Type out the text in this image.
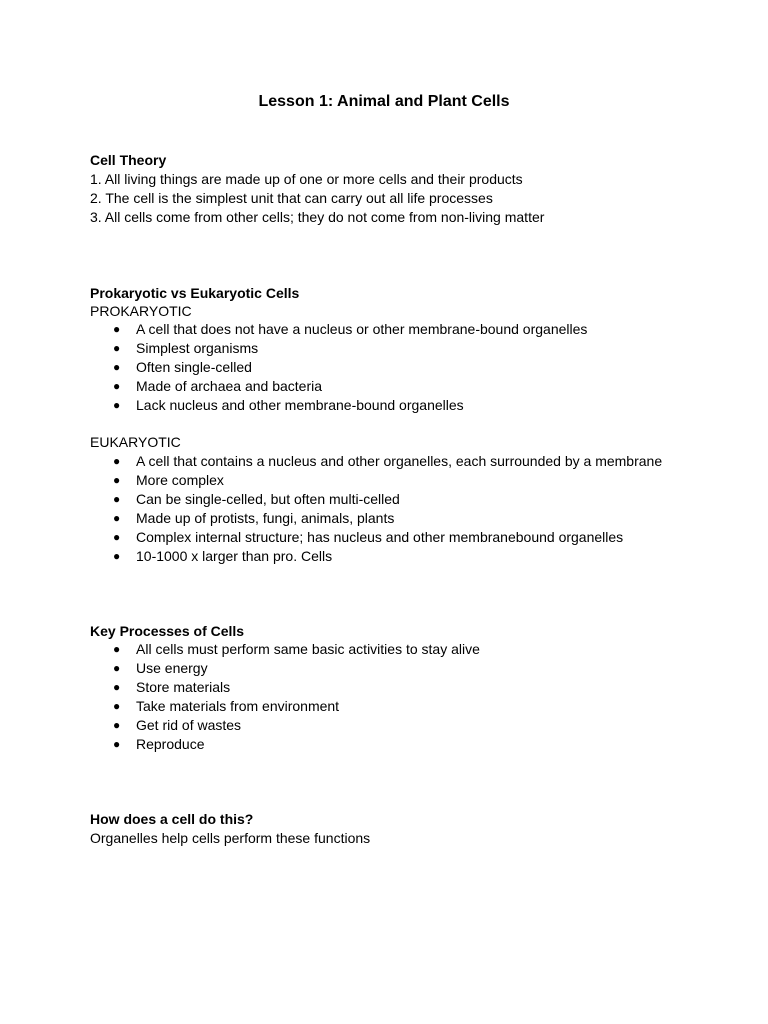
Lesson 1: Animal and Plant Cells
Cell Theory
1. All living things are made up of one or more cells and their products
2. The cell is the simplest unit that can carry out all life processes
3. All cells come from other cells; they do not come from non-living matter
Prokaryotic vs Eukaryotic Cells
PROKARYOTIC
● A cell that does not have a nucleus or other membrane-bound organelles
● Simplest organisms
● Often single-celled
● Made of archaea and bacteria
● Lack nucleus and other membrane-bound organelles
EUKARYOTIC
● A cell that contains a nucleus and other organelles, each surrounded by a membrane
● More complex
● Can be single-celled, but often multi-celled
● Made up of protists, fungi, animals, plants
● Complex internal structure; has nucleus and other membranebound organelles
● 10-1000 x larger than pro. Cells
Key Processes of Cells
● All cells must perform same basic activities to stay alive
● Use energy
● Store materials
● Take materials from environment
● Get rid of wastes
● Reproduce
How does a cell do this?
Organelles help cells perform these functions
